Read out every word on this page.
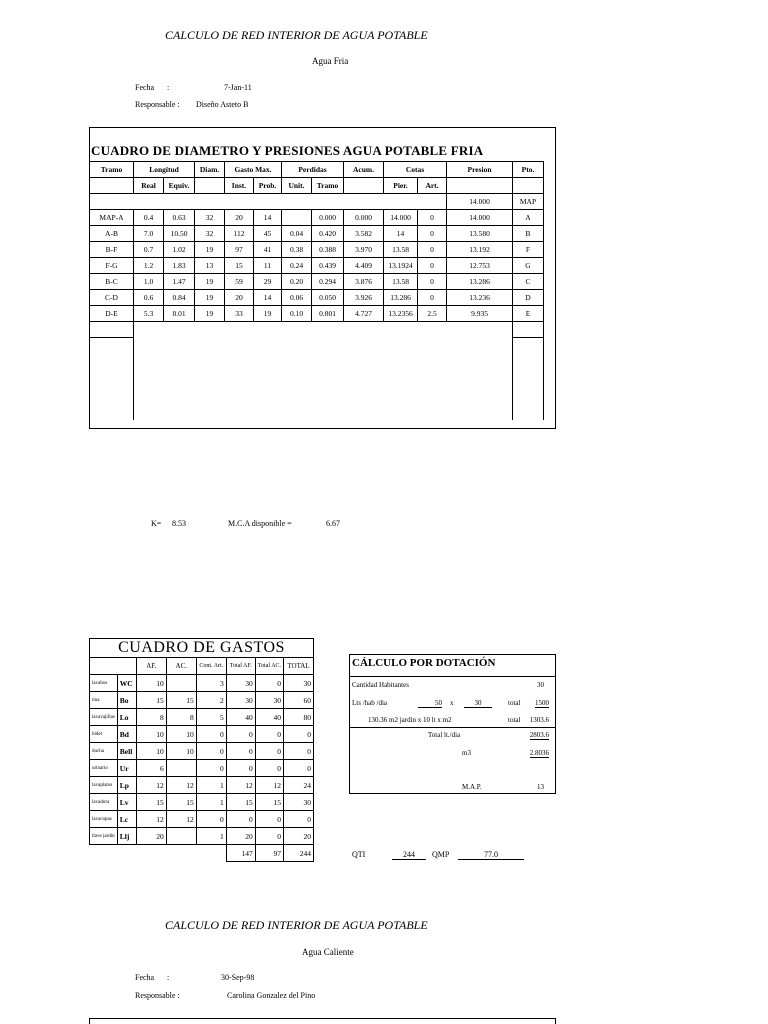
CALCULO DE RED INTERIOR DE AGUA POTABLE
Agua Fria
Fecha :	7-Jan-11
Responsable : Diseño Asteto B
CUADRO DE DIAMETRO Y PRESIONES AGUA POTABLE FRIA
Tramo	Longitud		Diam.	Gasto Max.		Perdidas		Acum.	Cotas		Presion	Pto.
	Real	Equiv.		Inst.	Prob.	Unit.	Tramo		Pier.	Art.		
											14.000	MAP
MAP-A	0.4	0.63	32	20	14		0.000	0.000	14.000	0	14.000	A
A-B	7.0	10.50	32	112	45	0.04	0.420	3.582	14	0	13.580	B
B-F	0.7	1.02	19	97	41	0.38	0.388	3.970	13.58	0	13.192	F
F-G	1.2	1.83	13	15	11	0.24	0.439	4.409	13.1924	0	12.753	G
B-C	1.0	1.47	19	59	29	0.20	0.294	3.876	13.58	0	13.286	C
C-D	0.6	0.84	19	20	14	0.06	0.050	3.926	13.286	0	13.236	D
D-E	5.3	8.01	19	33	19	0.10	0.801	4.727	13.2356	2.5	9.935	E

K= 8.53	M.C.A disponible =	6.67
CUADRO DE GASTOS							
		AF.	AC.	Cont. Art.	Total AF.	Total AC.	TOTAL
lavabos	WC	10		3	30	0	30
tina	Bo	15	15	2	30	30	60
lavavajillas	Lo	8	8	5	40	40	80
bidet	Bd	10	10	0	0	0	0
ducha	Bell	10	10	0	0	0	0
urinario	Ur	6		0	0	0	0
lavaplatos	Lp	12	12	1	12	12	24
lavadora	Lv	15	15	1	15	15	30
lavacopas	Lc	12	12	0	0	0	0
llave jardin	Llj	20		1	20	0	20
					147	97	244
CÁLCULO POR DOTACIÓN
Cantidad Habitantes	30
Lts /hab /dia	50 x	30	total 1500
130.36 m2 jardin x 10 lt x m2	total 1303.6
Total lt./dia	2803.6
m3	2.8036
M.A.P.	13
QTI	244	QMP	77.0
CALCULO DE RED INTERIOR DE AGUA POTABLE
Agua Caliente
Fecha :	30-Sep-98
Responsable :	Carolina Gonzalez del Pino
